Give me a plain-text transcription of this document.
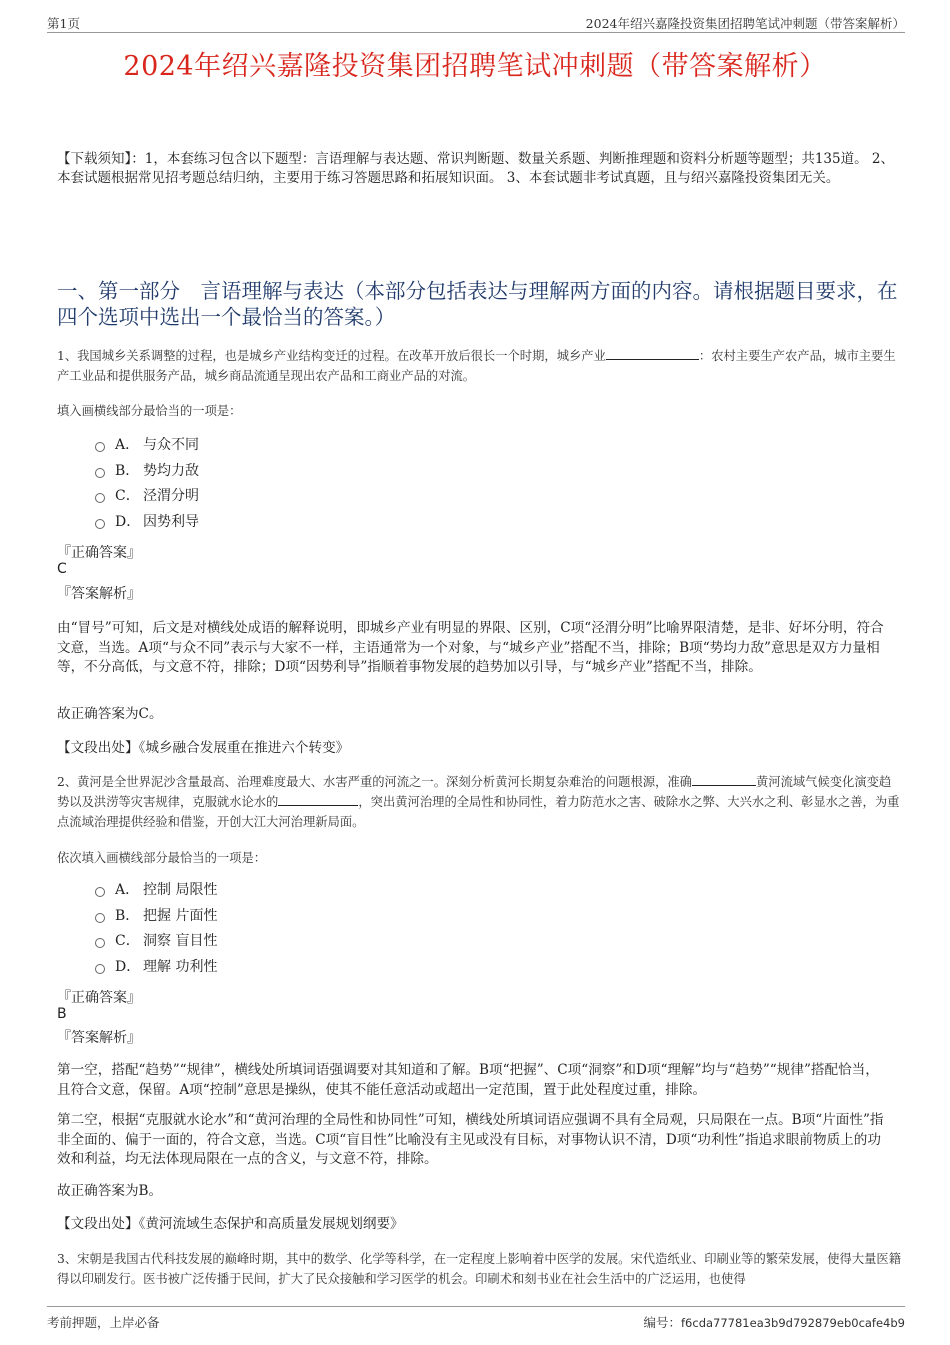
第1页	2024年绍兴嘉隆投资集团招聘笔试冲刺题（带答案解析）
2024年绍兴嘉隆投资集团招聘笔试冲刺题（带答案解析）
【下载须知】：1，本套练习包含以下题型：言语理解与表达题、常识判断题、数量关系题、判断推理题和资料分析题等题型；共135道。 2、本套试题根据常见招考题总结归纳，主要用于练习答题思路和拓展知识面。 3、本套试题非考试真题，且与绍兴嘉隆投资集团无关。
一、第一部分　言语理解与表达（本部分包括表达与理解两方面的内容。请根据题目要求，在四个选项中选出一个最恰当的答案。）
1、我国城乡关系调整的过程，也是城乡产业结构变迁的过程。在改革开放后很长一个时期，城乡产业	：农村主要生产农产品，城市主要生产工业品和提供服务产品，城乡商品流通呈现出农产品和工商业产品的对流。
填入画横线部分最恰当的一项是：
A． 与众不同
B． 势均力敌
C． 泾渭分明
D． 因势利导
『正确答案』
C
『答案解析』
由“冒号”可知，后文是对横线处成语的解释说明，即城乡产业有明显的界限、区别，C项“泾渭分明”比喻界限清楚，是非、好坏分明，符合文意，当选。A项“与众不同”表示与大家不一样，主语通常为一个对象，与“城乡产业”搭配不当，排除；B项“势均力敌”意思是双方力量相等，不分高低，与文意不符，排除；D项“因势利导”指顺着事物发展的趋势加以引导，与“城乡产业”搭配不当，排除。
故正确答案为C。
【文段出处】《城乡融合发展重在推进六个转变》
2、黄河是全世界泥沙含量最高、治理难度最大、水害严重的河流之一。深刻分析黄河长期复杂难治的问题根源，准确	黄河流域气候变化演变趋势以及洪涝等灾害规律，克服就水论水的	，突出黄河治理的全局性和协同性，着力防范水之害、破除水之弊、大兴水之利、彰显水之善，为重点流域治理提供经验和借鉴，开创大江大河治理新局面。
依次填入画横线部分最恰当的一项是：
A． 控制 局限性
B． 把握 片面性
C． 洞察 盲目性
D． 理解 功利性
『正确答案』
B
『答案解析』
第一空，搭配“趋势”“规律”，横线处所填词语强调要对其知道和了解。B项“把握”、C项“洞察”和D项“理解”均与“趋势”“规律”搭配恰当，且符合文意，保留。A项“控制”意思是操纵，使其不能任意活动或超出一定范围，置于此处程度过重，排除。
第二空，根据“克服就水论水”和“黄河治理的全局性和协同性”可知，横线处所填词语应强调不具有全局观，只局限在一点。B项“片面性”指非全面的、偏于一面的，符合文意，当选。C项“盲目性”比喻没有主见或没有目标，对事物认识不清，D项“功利性”指追求眼前物质上的功效和利益，均无法体现局限在一点的含义，与文意不符，排除。
故正确答案为B。
【文段出处】《黄河流域生态保护和高质量发展规划纲要》
3、宋朝是我国古代科技发展的巅峰时期，其中的数学、化学等科学，在一定程度上影响着中医学的发展。宋代造纸业、印刷业等的繁荣发展，使得大量医籍得以印刷发行。医书被广泛传播于民间，扩大了民众接触和学习医学的机会。印刷术和刻书业在社会生活中的广泛运用，也使得
考前押题，上岸必备	编号：f6cda77781ea3b9d792879eb0cafe4b9
